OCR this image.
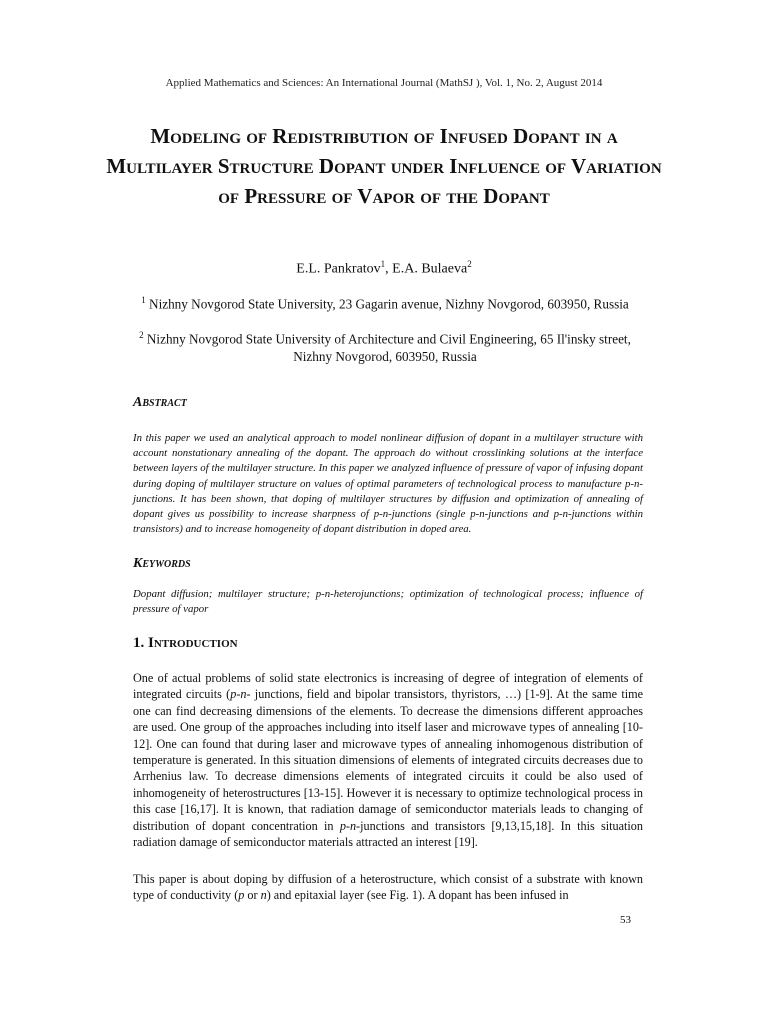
Applied Mathematics and Sciences: An International Journal (MathSJ ), Vol. 1, No. 2, August 2014
Modeling of Redistribution of Infused Dopant in a Multilayer Structure Dopant under Influence of Variation of Pressure of Vapor of the Dopant
E.L. Pankratov$^1$, E.A. Bulaeva$^2$
$^1$ Nizhny Novgorod State University, 23 Gagarin avenue, Nizhny Novgorod, 603950, Russia
$^2$ Nizhny Novgorod State University of Architecture and Civil Engineering, 65 Il'insky street, Nizhny Novgorod, 603950, Russia
Abstract

In this paper we used an analytical approach to model nonlinear diffusion of dopant in a multilayer structure with account nonstationary annealing of the dopant. The approach do without crosslinking solutions at the interface between layers of the multilayer structure. In this paper we analyzed influence of pressure of vapor of infusing dopant during doping of multilayer structure on values of optimal parameters of technological process to manufacture p-n-junctions. It has been shown, that doping of multilayer structures by diffusion and optimization of annealing of dopant gives us possibility to increase sharpness of p-n-junctions (single p-n-junctions and p-n-junctions within transistors) and to increase homogeneity of dopant distribution in doped area.

Keywords

Dopant diffusion; multilayer structure; p-n-heterojunctions; optimization of technological process; influence of pressure of vapor

1. Introduction

One of actual problems of solid state electronics is increasing of degree of integration of elements of integrated circuits (p-n- junctions, field and bipolar transistors, thyristors, …) [1-9]. At the same time one can find decreasing dimensions of the elements. To decrease the dimensions different approaches are used. One group of the approaches including into itself laser and microwave types of annealing [10-12]. One can found that during laser and microwave types of annealing inhomogenous distribution of temperature is generated. In this situation dimensions of elements of integrated circuits decreases due to Arrhenius law. To decrease dimensions elements of integrated circuits it could be also used of inhomogeneity of heterostructures [13-15]. However it is necessary to optimize technological process in this case [16,17]. It is known, that radiation damage of semiconductor materials leads to changing of distribution of dopant concentration in p-n-junctions and transistors [9,13,15,18]. In this situation radiation damage of semiconductor materials attracted an interest [19].

This paper is about doping by diffusion of a heterostructure, which consist of a substrate with known type of conductivity (p or n) and epitaxial layer (see Fig. 1). A dopant has been infused in

53
